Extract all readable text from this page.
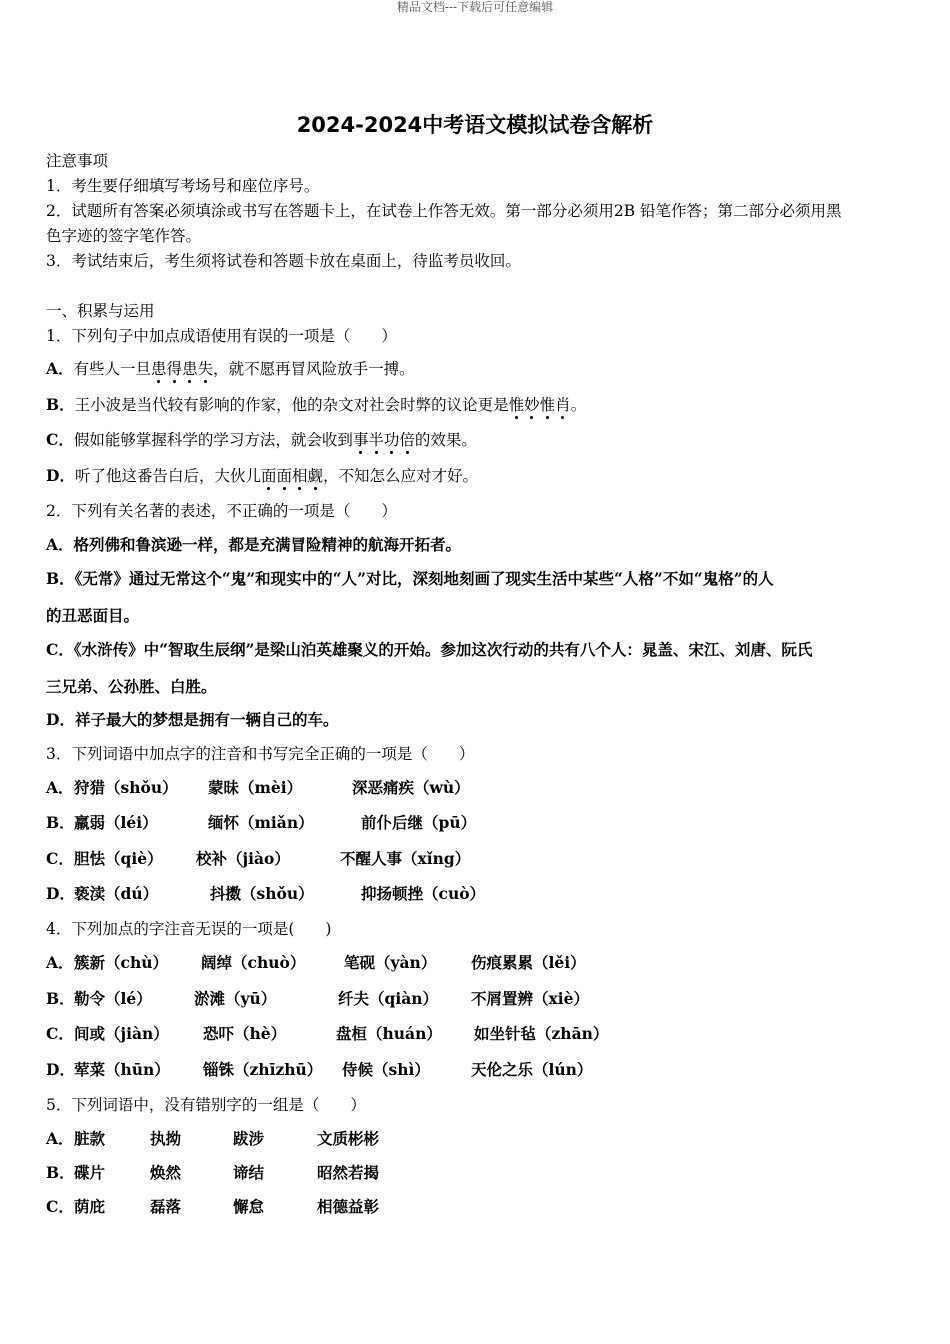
精品文档---下载后可任意编辑
2024-2024中考语文模拟试卷含解析
注意事项
1．考生要仔细填写考场号和座位序号。
2．试题所有答案必须填涂或书写在答题卡上，在试卷上作答无效。第一部分必须用2B 铅笔作答；第二部分必须用黑
色字迹的签字笔作答。
3．考试结束后，考生须将试卷和答题卡放在桌面上，待监考员收回。
一、积累与运用
1．下列句子中加点成语使用有误的一项是（　　）
A．有些人一旦患得患失，就不愿再冒风险放手一搏。
B．王小波是当代较有影响的作家，他的杂文对社会时弊的议论更是惟妙惟肖。
C．假如能够掌握科学的学习方法，就会收到事半功倍的效果。
D．听了他这番告白后，大伙儿面面相觑，不知怎么应对才好。
2．下列有关名著的表述，不正确的一项是（　　）
A．格列佛和鲁滨逊一样，都是充满冒险精神的航海开拓者。
B．《无常》通过无常这个“鬼”和现实中的“人”对比，深刻地刻画了现实生活中某些“人格”不如“鬼格”的人
的丑恶面目。
C．《水浒传》中“智取生辰纲”是梁山泊英雄聚义的开始。参加这次行动的共有八个人：晁盖、宋江、刘唐、阮氏
三兄弟、公孙胜、白胜。
D．祥子最大的梦想是拥有一辆自己的车。
3．下列词语中加点字的注音和书写完全正确的一项是（　　）
A． 狩猎（shǒu） 蒙昧（mèi）	深恶痛疾（wù）
B． 羸弱（léi）	缅怀（miǎn）	前仆后继（pū）
C． 胆怯（qiè） 校补（jiào）	不醒人事（xǐng）
D． 亵渎（dú）	抖擞（shǒu）	抑扬顿挫（cuò）
4．下列加点的字注音无误的一项是(　　)
A． 簇新（chù） 阔绰（chuò） 笔砚（yàn） 伤痕累累（lěi）
B． 勒令（lé）	淤滩（yū）	纤夫（qiàn） 不屑置辨（xiè）
C． 间或（jiàn） 恐吓（hè）	盘桓（huán） 如坐针毡（zhān）
D． 荤菜（hūn） 锱铢（zhīzhū） 侍候（shì）	天伦之乐（lún）
5．下列词语中，没有错别字的一组是（　　）
A． 脏款	执拗	跋涉	文质彬彬
B． 碟片	焕然	谛结	昭然若揭
C． 荫庇	磊落	懈怠	相德益彰
